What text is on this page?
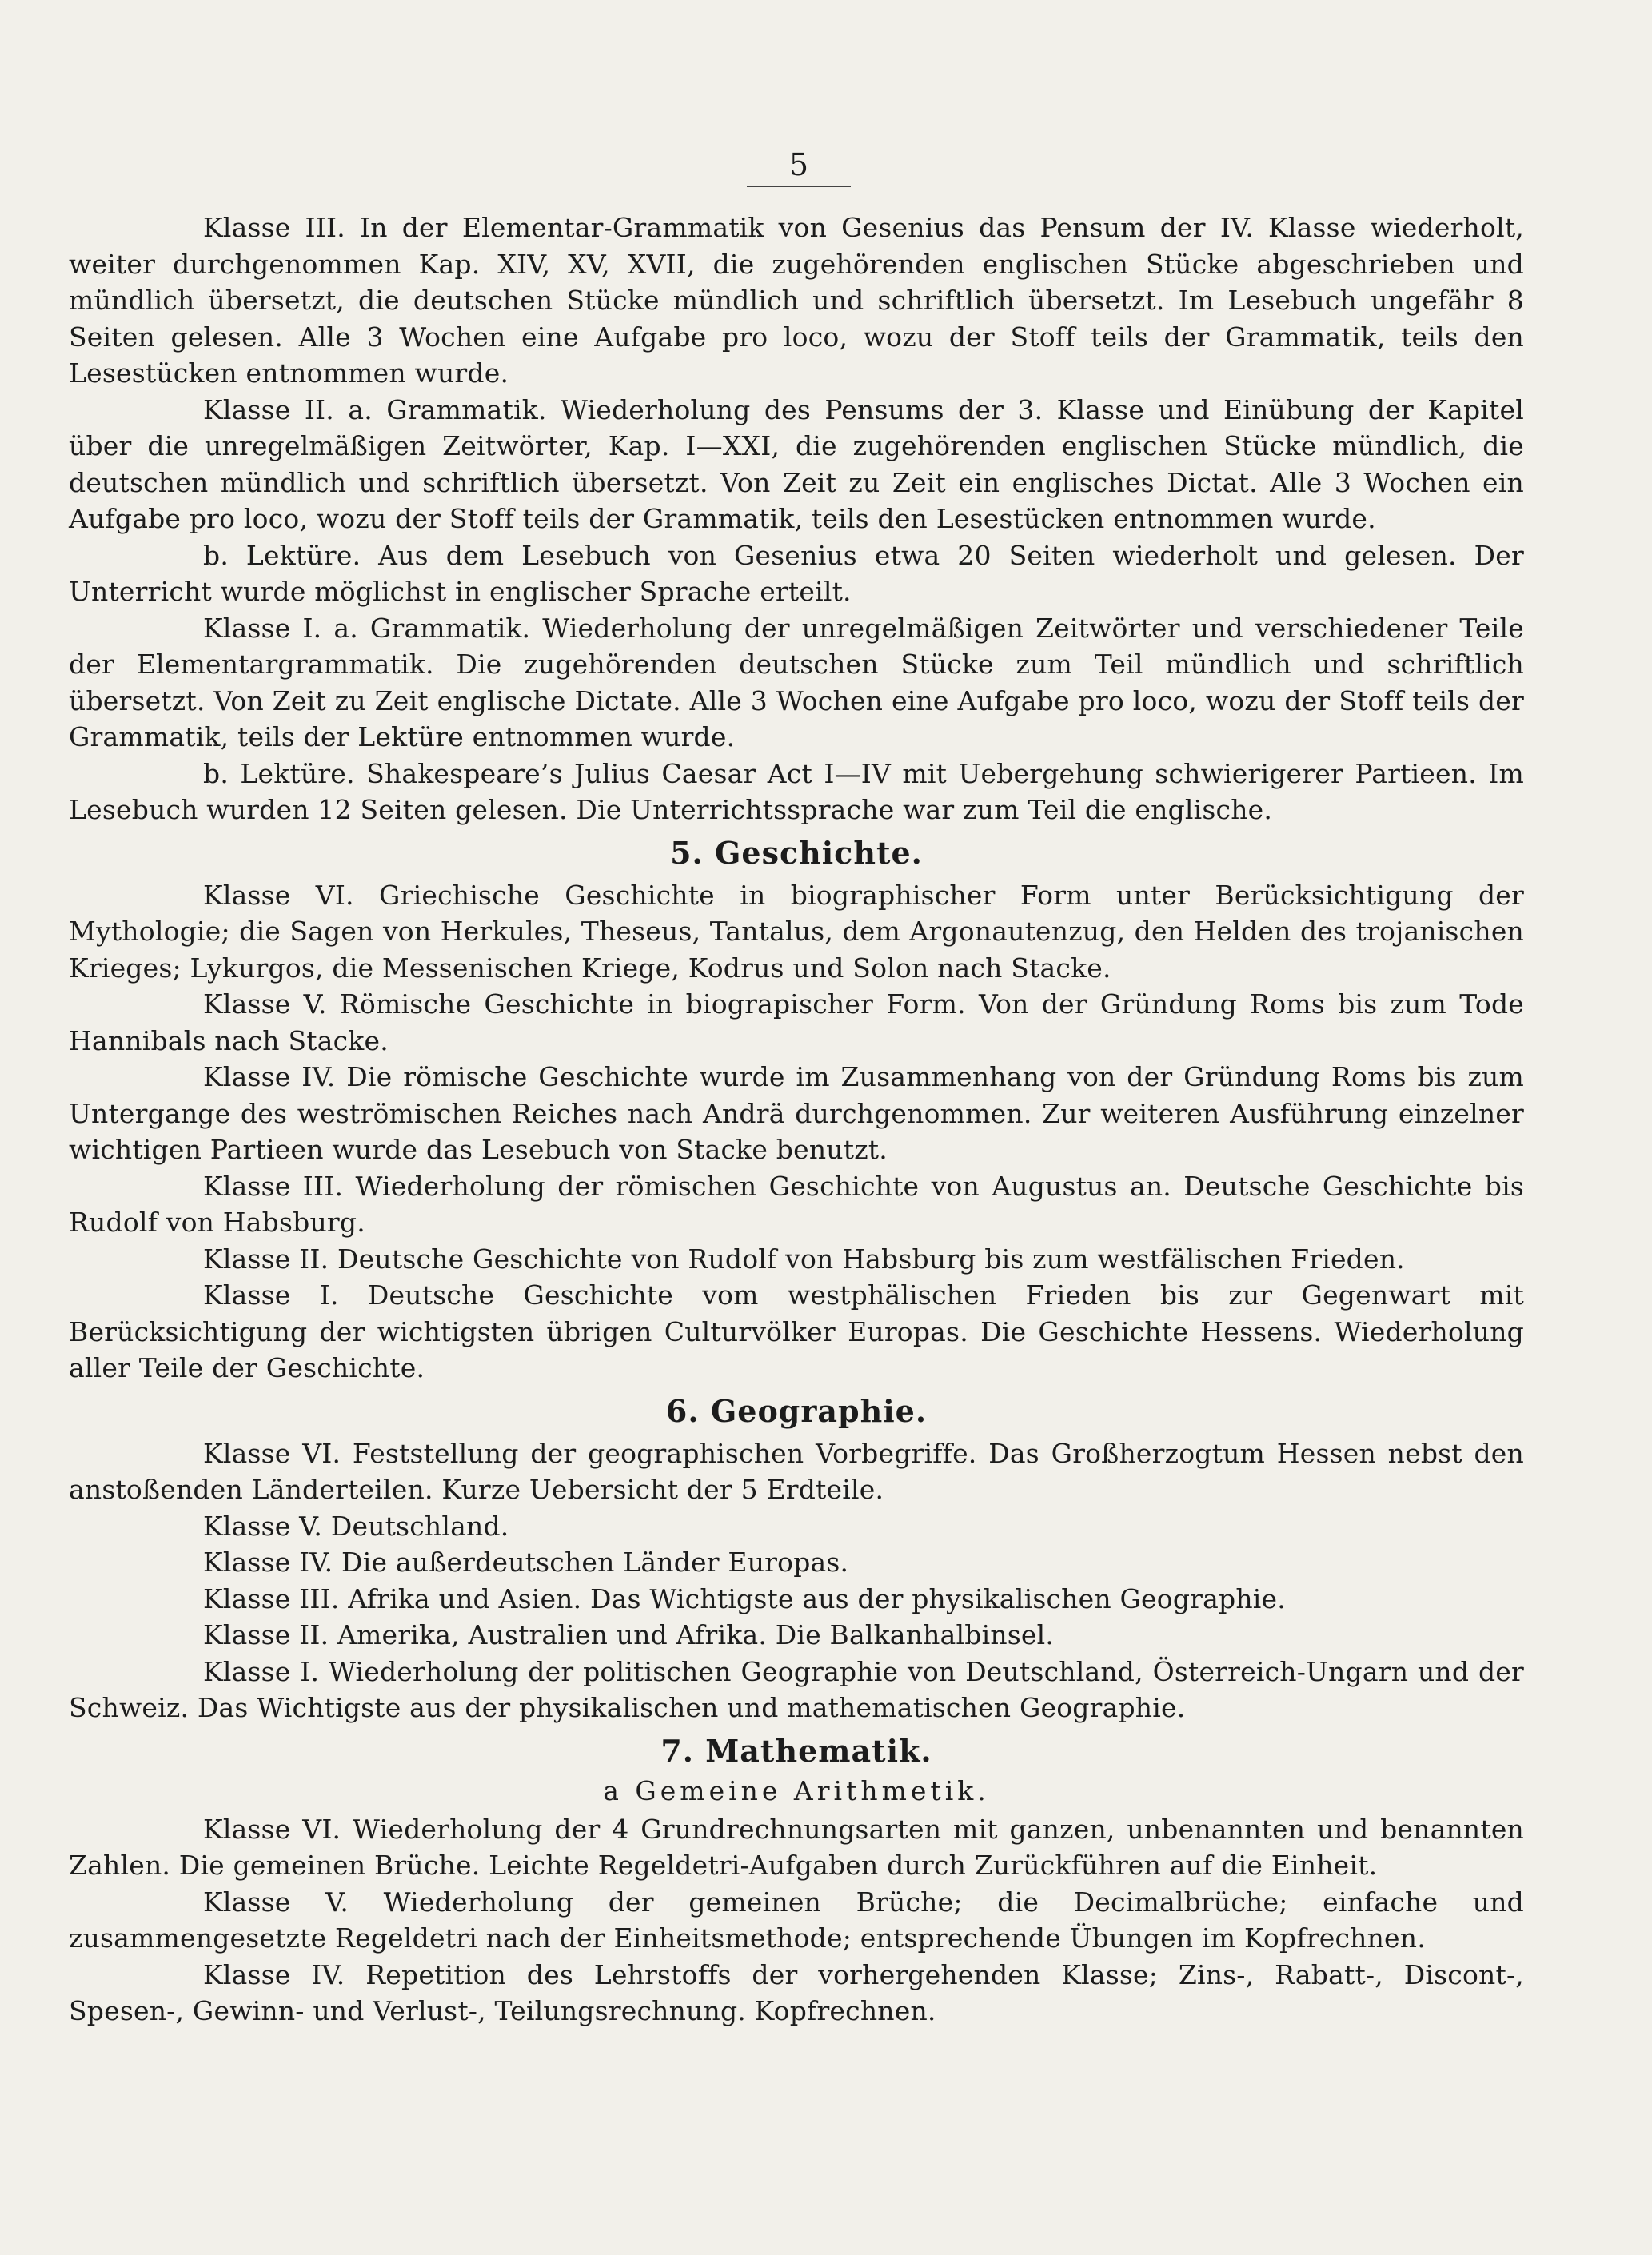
5

Klasse III. In der Elementar-Grammatik von Gesenius das Pensum der IV. Klasse wiederholt, weiter durchgenommen Kap. XIV, XV, XVII, die zugehörenden englischen Stücke abgeschrieben und mündlich übersetzt, die deutschen Stücke mündlich und schriftlich übersetzt. Im Lesebuch ungefähr 8 Seiten gelesen. Alle 3 Wochen eine Aufgabe pro loco, wozu der Stoff teils der Grammatik, teils den Lesestücken entnommen wurde.

Klasse II. a. Grammatik. Wiederholung des Pensums der 3. Klasse und Einübung der Kapitel über die unregelmäßigen Zeitwörter, Kap. I—XXI, die zugehörenden englischen Stücke mündlich, die deutschen mündlich und schriftlich übersetzt. Von Zeit zu Zeit ein englisches Dictat. Alle 3 Wochen ein Aufgabe pro loco, wozu der Stoff teils der Grammatik, teils den Lesestücken entnommen wurde.

b. Lektüre. Aus dem Lesebuch von Gesenius etwa 20 Seiten wiederholt und gelesen. Der Unterricht wurde möglichst in englischer Sprache erteilt.

Klasse I. a. Grammatik. Wiederholung der unregelmäßigen Zeitwörter und verschiedener Teile der Elementargrammatik. Die zugehörenden deutschen Stücke zum Teil mündlich und schriftlich übersetzt. Von Zeit zu Zeit englische Dictate. Alle 3 Wochen eine Aufgabe pro loco, wozu der Stoff teils der Grammatik, teils der Lektüre entnommen wurde.

b. Lektüre. Shakespeare’s Julius Caesar Act I—IV mit Uebergehung schwierigerer Partieen. Im Lesebuch wurden 12 Seiten gelesen. Die Unterrichtssprache war zum Teil die englische.

5. Geschichte.

Klasse VI. Griechische Geschichte in biographischer Form unter Berücksichtigung der Mythologie; die Sagen von Herkules, Theseus, Tantalus, dem Argonautenzug, den Helden des trojanischen Krieges; Lykurgos, die Messenischen Kriege, Kodrus und Solon nach Stacke.

Klasse V. Römische Geschichte in biograpischer Form. Von der Gründung Roms bis zum Tode Hannibals nach Stacke.

Klasse IV. Die römische Geschichte wurde im Zusammenhang von der Gründung Roms bis zum Untergange des weströmischen Reiches nach Andrä durchgenommen. Zur weiteren Ausführung einzelner wichtigen Partieen wurde das Lesebuch von Stacke benutzt.

Klasse III. Wiederholung der römischen Geschichte von Augustus an. Deutsche Geschichte bis Rudolf von Habsburg.

Klasse II. Deutsche Geschichte von Rudolf von Habsburg bis zum westfälischen Frieden.

Klasse I. Deutsche Geschichte vom westphälischen Frieden bis zur Gegenwart mit Berücksichtigung der wichtigsten übrigen Culturvölker Europas. Die Geschichte Hessens. Wiederholung aller Teile der Geschichte.

6. Geographie.

Klasse VI. Feststellung der geographischen Vorbegriffe. Das Großherzogtum Hessen nebst den anstoßenden Länderteilen. Kurze Uebersicht der 5 Erdteile.

Klasse V. Deutschland.

Klasse IV. Die außerdeutschen Länder Europas.

Klasse III. Afrika und Asien. Das Wichtigste aus der physikalischen Geographie.

Klasse II. Amerika, Australien und Afrika. Die Balkanhalbinsel.

Klasse I. Wiederholung der politischen Geographie von Deutschland, Österreich-Ungarn und der Schweiz. Das Wichtigste aus der physikalischen und mathematischen Geographie.

7. Mathematik.
a Gemeine Arithmetik.

Klasse VI. Wiederholung der 4 Grundrechnungsarten mit ganzen, unbenannten und benannten Zahlen. Die gemeinen Brüche. Leichte Regeldetri-Aufgaben durch Zurückführen auf die Einheit.

Klasse V. Wiederholung der gemeinen Brüche; die Decimalbrüche; einfache und zusammengesetzte Regeldetri nach der Einheitsmethode; entsprechende Übungen im Kopfrechnen.

Klasse IV. Repetition des Lehrstoffs der vorhergehenden Klasse; Zins-, Rabatt-, Discont-, Spesen-, Gewinn- und Verlust-, Teilungsrechnung. Kopfrechnen.
